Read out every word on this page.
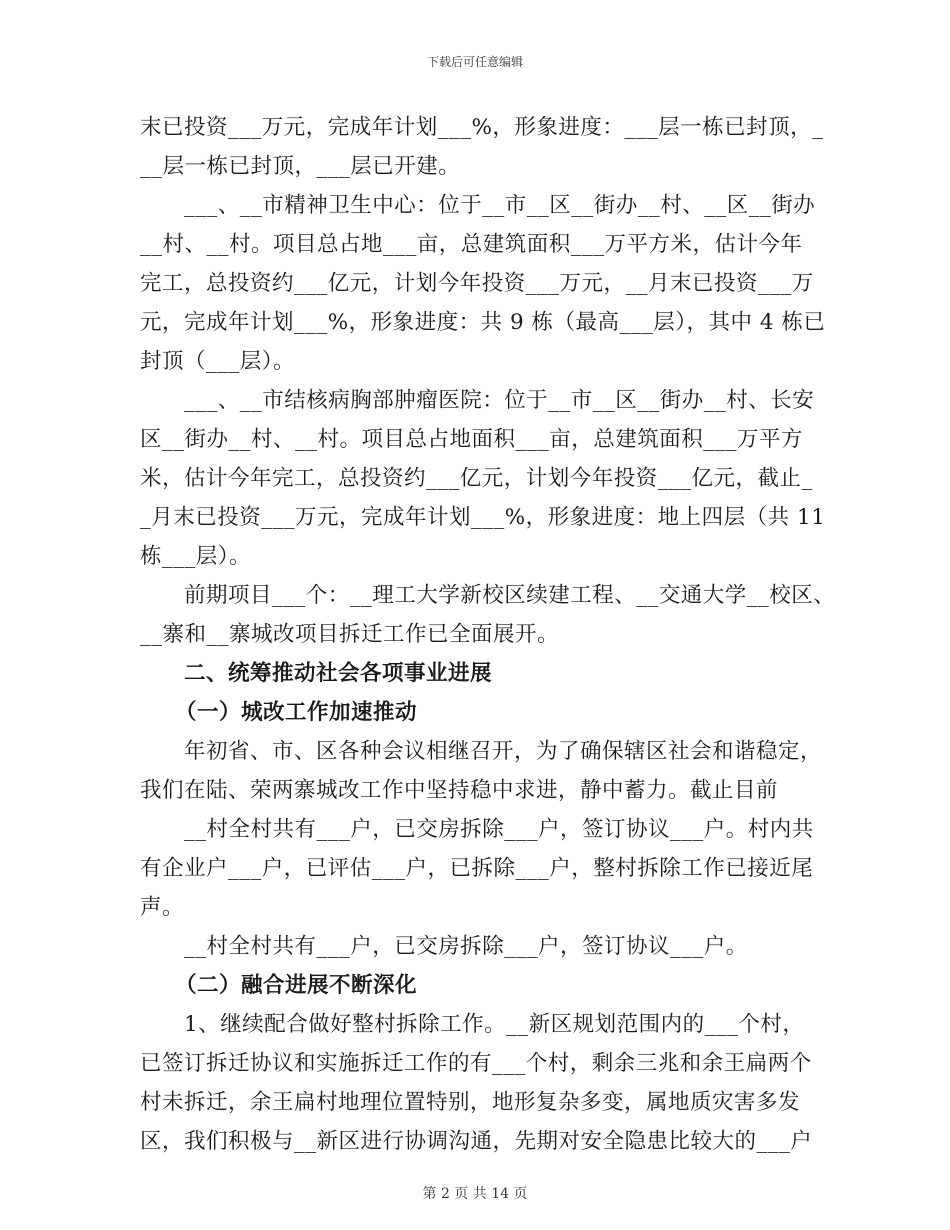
下载后可任意编辑
末已投资___万元，完成年计划___%，形象进度：___层一栋已封顶，_
__层一栋已封顶，___层已开建。
___、__市精神卫生中心：位于__市__区__街办__村、__区__街办
__村、__村。项目总占地___亩，总建筑面积___万平方米，估计今年
完工，总投资约___亿元，计划今年投资___万元，__月末已投资___万
元，完成年计划___%，形象进度：共 9 栋（最高___层），其中 4 栋已
封顶（___层）。
___、__市结核病胸部肿瘤医院：位于__市__区__街办__村、长安
区__街办__村、__村。项目总占地面积___亩，总建筑面积___万平方
米，估计今年完工，总投资约___亿元，计划今年投资___亿元，截止_
_月末已投资___万元，完成年计划___%，形象进度：地上四层（共 11
栋___层）。
前期项目___个：__理工大学新校区续建工程、__交通大学__校区、
__寨和__寨城改项目拆迁工作已全面展开。
二、统筹推动社会各项事业进展
（一）城改工作加速推动
年初省、市、区各种会议相继召开，为了确保辖区社会和谐稳定，
我们在陆、荣两寨城改工作中坚持稳中求进，静中蓄力。截止目前
__村全村共有___户，已交房拆除___户，签订协议___户。村内共
有企业户___户，已评估___户，已拆除___户，整村拆除工作已接近尾
声。
__村全村共有___户，已交房拆除___户，签订协议___户。
（二）融合进展不断深化
1、继续配合做好整村拆除工作。__新区规划范围内的___个村，
已签订拆迁协议和实施拆迁工作的有___个村，剩余三兆和余王扁两个
村未拆迁，余王扁村地理位置特别，地形复杂多变，属地质灾害多发
区，我们积极与__新区进行协调沟通，先期对安全隐患比较大的___户
第 2 页 共 14 页
